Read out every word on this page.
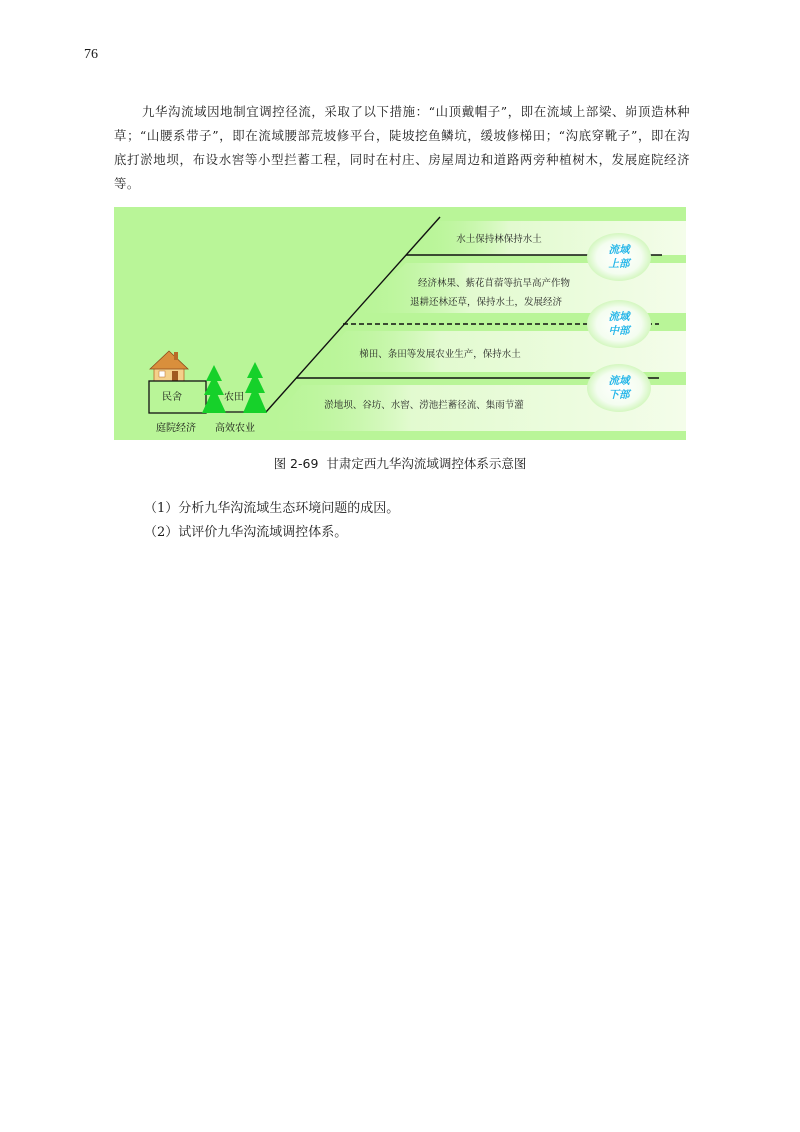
76
九华沟流域因地制宜调控径流，采取了以下措施：“山顶戴帽子”，即在流域上部梁、峁顶造林种草；“山腰系带子”，即在流域腰部荒坡修平台，陡坡挖鱼鳞坑，缓坡修梯田；“沟底穿靴子”，即在沟底打淤地坝，布设水窖等小型拦蓄工程，同时在村庄、房屋周边和道路两旁种植树木，发展庭院经济等。
水土保持林保持水土
经济林果、紫花苜蓿等抗旱高产作物
退耕还林还草，保持水土，发展经济
梯田、条田等发展农业生产，保持水土
淤地坝、谷坊、水窖、涝池拦蓄径流、集雨节灌
流域
上部
流域
中部
流域
下部
民舍	农田
庭院经济 高效农业
图 2-69 甘肃定西九华沟流域调控体系示意图
（1）分析九华沟流域生态环境问题的成因。
（2）试评价九华沟流域调控体系。
